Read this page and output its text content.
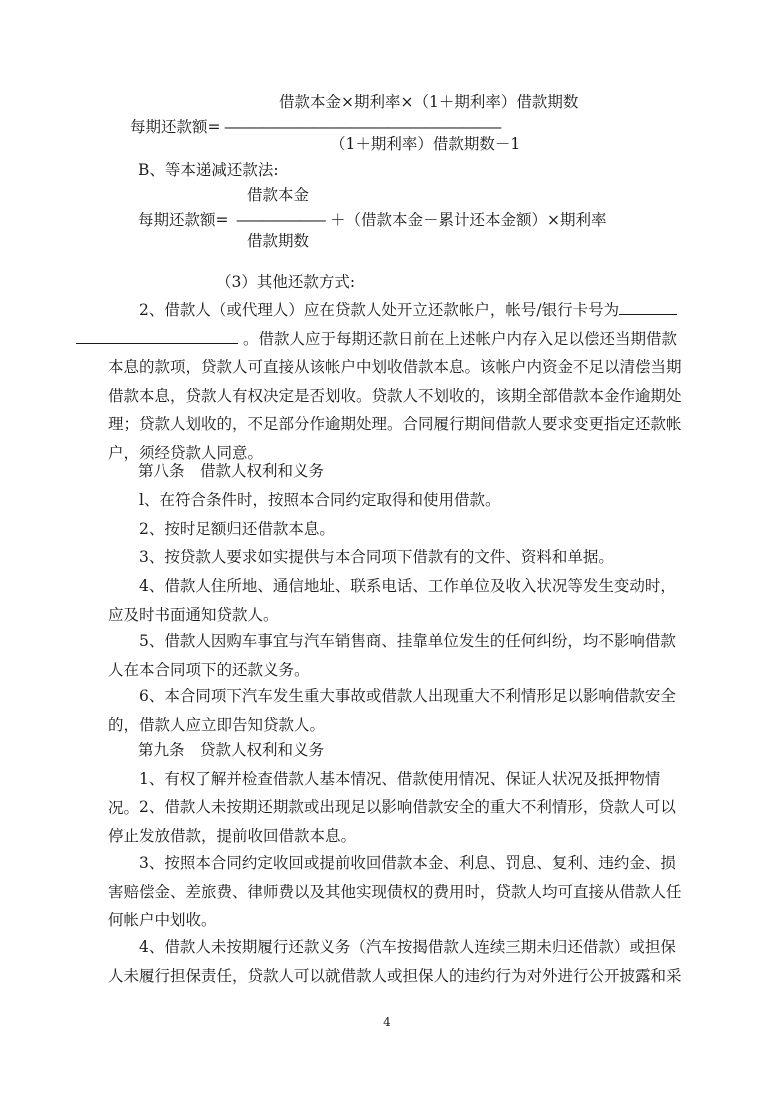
借款本金×期利率×（1＋期利率）借款期数
每期还款额= ——————————————————————
（1＋期利率）借款期数－1
B、等本递减还款法:
借款本金
每期还款额= ——————— ＋（借款本金－累计还本金额）×期利率
借款期数
（3）其他还款方式:
2、借款人（或代理人）应在贷款人处开立还款帐户，帐号/银行卡号为  。借款人应于每期还款日前在上述帐户内存入足以偿还当期借款本息的款项，贷款人可直接从该帐户中划收借款本息。该帐户内资金不足以清偿当期借款本息，贷款人有权决定是否划收。贷款人不划收的，该期全部借款本金作逾期处理；贷款人划收的，不足部分作逾期处理。合同履行期间借款人要求变更指定还款帐户，须经贷款人同意。
第八条　借款人权利和义务
l、在符合条件时，按照本合同约定取得和使用借款。
2、按时足额归还借款本息。
3、按贷款人要求如实提供与本合同项下借款有的文件、资料和单据。
4、借款人住所地、通信地址、联系电话、工作单位及收入状况等发生变动时，应及时书面通知贷款人。
5、借款人因购车事宜与汽车销售商、挂靠单位发生的任何纠纷，均不影响借款人在本合同项下的还款义务。
6、本合同项下汽车发生重大事故或借款人出现重大不利情形足以影响借款安全的，借款人应立即告知贷款人。
第九条　贷款人权利和义务
1、有权了解并检查借款人基本情况、借款使用情况、保证人状况及抵押物情况。 2、借款人未按期还期款或出现足以影响借款安全的重大不利情形，贷款人可以停止发放借款，提前收回借款本息。
3、按照本合同约定收回或提前收回借款本金、利息、罚息、复利、违约金、损害赔偿金、差旅费、律师费以及其他实现债权的费用时，贷款人均可直接从借款人任何帐户中划收。
4、借款人未按期履行还款义务（汽车按揭借款人连续三期未归还借款）或担保人未履行担保责任，贷款人可以就借款人或担保人的违约行为对外进行公开披露和采
4
